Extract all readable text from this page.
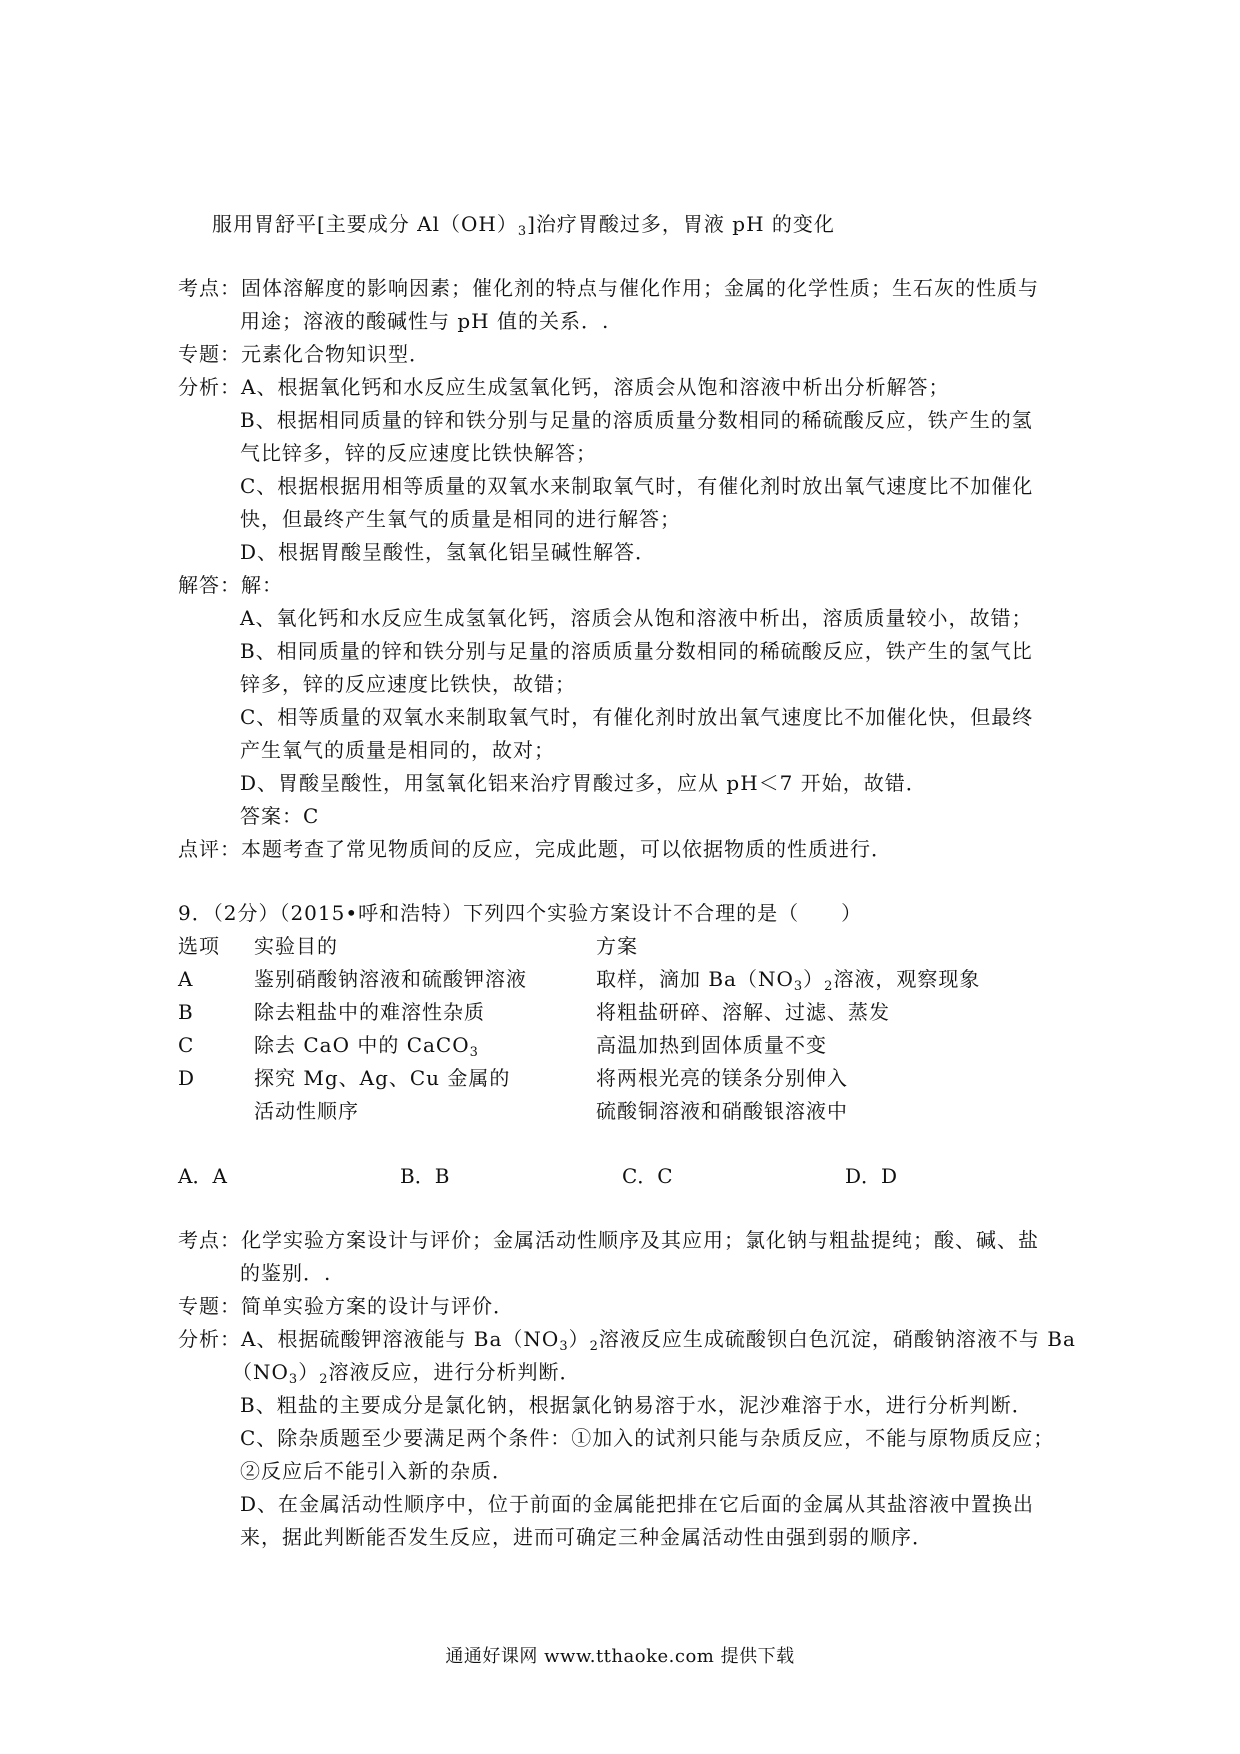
服用胃舒平[主要成分 $Al(OH)_3$]治疗胃酸过多，胃液 pH 的变化
考点：固体溶解度的影响因素；催化剂的特点与催化作用；金属的化学性质；生石灰的性质与
用途；溶液的酸碱性与 pH 值的关系．.
专题：元素化合物知识型．
分析：A、根据氧化钙和水反应生成氢氧化钙，溶质会从饱和溶液中析出分析解答；
B、根据相同质量的锌和铁分别与足量的溶质质量分数相同的稀硫酸反应，铁产生的氢
气比锌多，锌的反应速度比铁快解答；
C、根据根据用相等质量的双氧水来制取氧气时，有催化剂时放出氧气速度比不加催化
快，但最终产生氧气的质量是相同的进行解答；
D、根据胃酸呈酸性，氢氧化铝呈碱性解答．
解答：解：
A、氧化钙和水反应生成氢氧化钙，溶质会从饱和溶液中析出，溶质质量较小，故错；
B、相同质量的锌和铁分别与足量的溶质质量分数相同的稀硫酸反应，铁产生的氢气比
锌多，锌的反应速度比铁快，故错；
C、相等质量的双氧水来制取氧气时，有催化剂时放出氧气速度比不加催化快，但最终
产生氧气的质量是相同的，故对；
D、胃酸呈酸性，用氢氧化铝来治疗胃酸过多，应从 pH＜7 开始，故错．
答案：C
点评：本题考查了常见物质间的反应，完成此题，可以依据物质的性质进行．
9．（2分）（2015•呼和浩特）下列四个实验方案设计不合理的是（　　）
选项 实验目的	方案
A	鉴别硝酸钠溶液和硫酸钾溶液	取样，滴加 $Ba(NO_3)_2$溶液，观察现象
B	除去粗盐中的难溶性杂质	将粗盐研碎、溶解、过滤、蒸发
C	除去 CaO 中的 CaCO$_3$	高温加热到固体质量不变
D	探究 Mg、Ag、Cu 金属的	将两根光亮的镁条分别伸入
活动性顺序	硫酸铜溶液和硝酸银溶液中
A．A	B．B	C．C	D．D
考点：化学实验方案设计与评价；金属活动性顺序及其应用；氯化钠与粗盐提纯；酸、碱、盐
的鉴别．.
专题：简单实验方案的设计与评价．
分析：A、根据硫酸钾溶液能与 $Ba(NO_3)_2$溶液反应生成硫酸钡白色沉淀，硝酸钠溶液不与 Ba
$(NO_3)_2$溶液反应，进行分析判断．
B、粗盐的主要成分是氯化钠，根据氯化钠易溶于水，泥沙难溶于水，进行分析判断．
C、除杂质题至少要满足两个条件：①加入的试剂只能与杂质反应，不能与原物质反应；
②反应后不能引入新的杂质．
D、在金属活动性顺序中，位于前面的金属能把排在它后面的金属从其盐溶液中置换出
来，据此判断能否发生反应，进而可确定三种金属活动性由强到弱的顺序．
通通好课网 www.tthaoke.com 提供下载
